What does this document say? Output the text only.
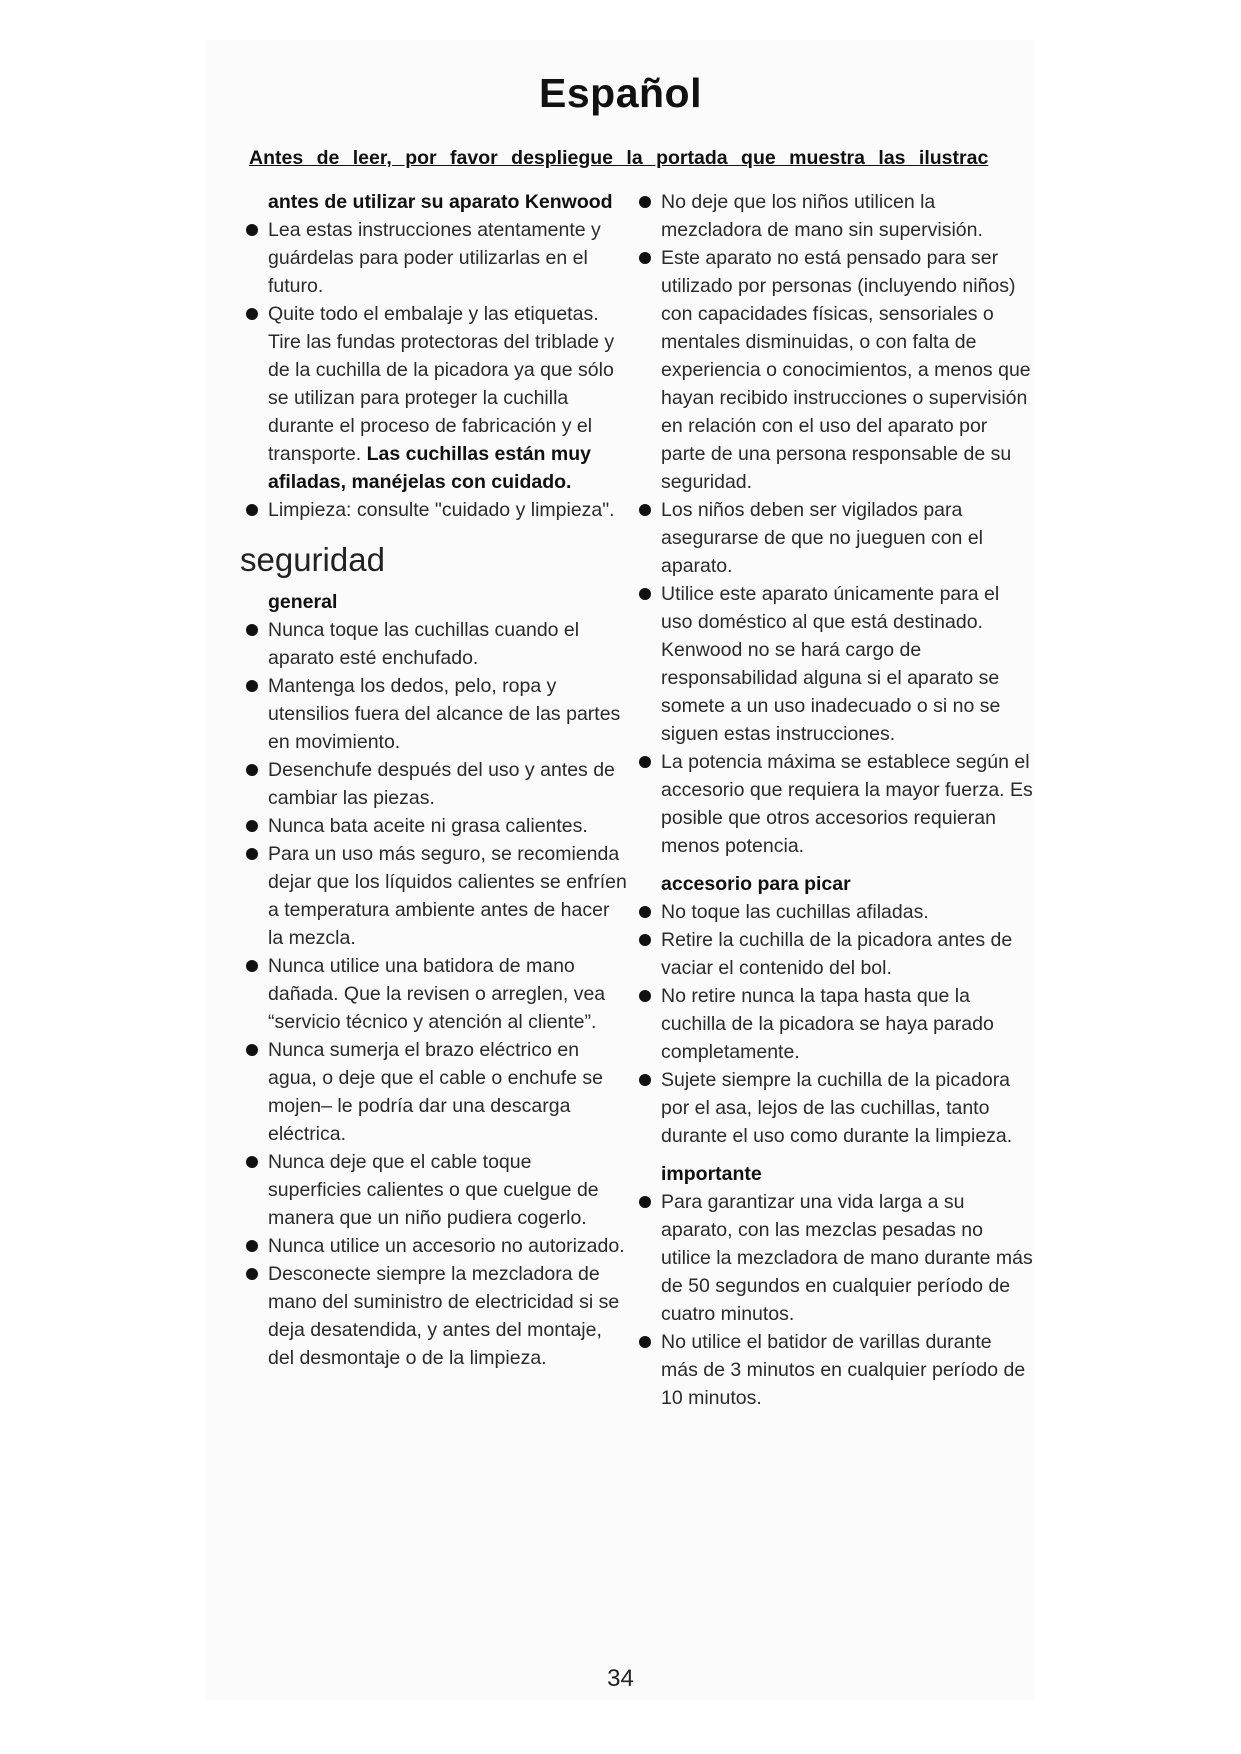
Español
Antes de leer, por favor despliegue la portada que muestra las ilustrac

antes de utilizar su aparato Kenwood

Lea estas instrucciones atentamente y guárdelas para poder utilizarlas en el futuro.

Quite todo el embalaje y las etiquetas. Tire las fundas protectoras del triblade y de la cuchilla de la picadora ya que sólo se utilizan para proteger la cuchilla durante el proceso de fabricación y el transporte. Las cuchillas están muy afiladas, manéjelas con cuidado.

Limpieza: consulte "cuidado y limpieza".

seguridad

general

Nunca toque las cuchillas cuando el aparato esté enchufado.

Mantenga los dedos, pelo, ropa y utensilios fuera del alcance de las partes en movimiento.

Desenchufe después del uso y antes de cambiar las piezas.

Nunca bata aceite ni grasa calientes.

Para un uso más seguro, se recomienda dejar que los líquidos calientes se enfríen a temperatura ambiente antes de hacer la mezcla.

Nunca utilice una batidora de mano dañada. Que la revisen o arreglen, vea “servicio técnico y atención al cliente”.

Nunca sumerja el brazo eléctrico en agua, o deje que el cable o enchufe se mojen– le podría dar una descarga eléctrica.

Nunca deje que el cable toque superficies calientes o que cuelgue de manera que un niño pudiera cogerlo.

Nunca utilice un accesorio no autorizado.

Desconecte siempre la mezcladora de mano del suministro de electricidad si se deja desatendida, y antes del montaje, del desmontaje o de la limpieza.

No deje que los niños utilicen la mezcladora de mano sin supervisión.

Este aparato no está pensado para ser utilizado por personas (incluyendo niños) con capacidades físicas, sensoriales o mentales disminuidas, o con falta de experiencia o conocimientos, a menos que hayan recibido instrucciones o supervisión en relación con el uso del aparato por parte de una persona responsable de su seguridad.

Los niños deben ser vigilados para asegurarse de que no jueguen con el aparato.

Utilice este aparato únicamente para el uso doméstico al que está destinado. Kenwood no se hará cargo de responsabilidad alguna si el aparato se somete a un uso inadecuado o si no se siguen estas instrucciones.

La potencia máxima se establece según el accesorio que requiera la mayor fuerza. Es posible que otros accesorios requieran menos potencia.

accesorio para picar

No toque las cuchillas afiladas.

Retire la cuchilla de la picadora antes de vaciar el contenido del bol.

No retire nunca la tapa hasta que la cuchilla de la picadora se haya parado completamente.

Sujete siempre la cuchilla de la picadora por el asa, lejos de las cuchillas, tanto durante el uso como durante la limpieza.

importante

Para garantizar una vida larga a su aparato, con las mezclas pesadas no utilice la mezcladora de mano durante más de 50 segundos en cualquier período de cuatro minutos.

No utilice el batidor de varillas durante más de 3 minutos en cualquier período de 10 minutos.

34
